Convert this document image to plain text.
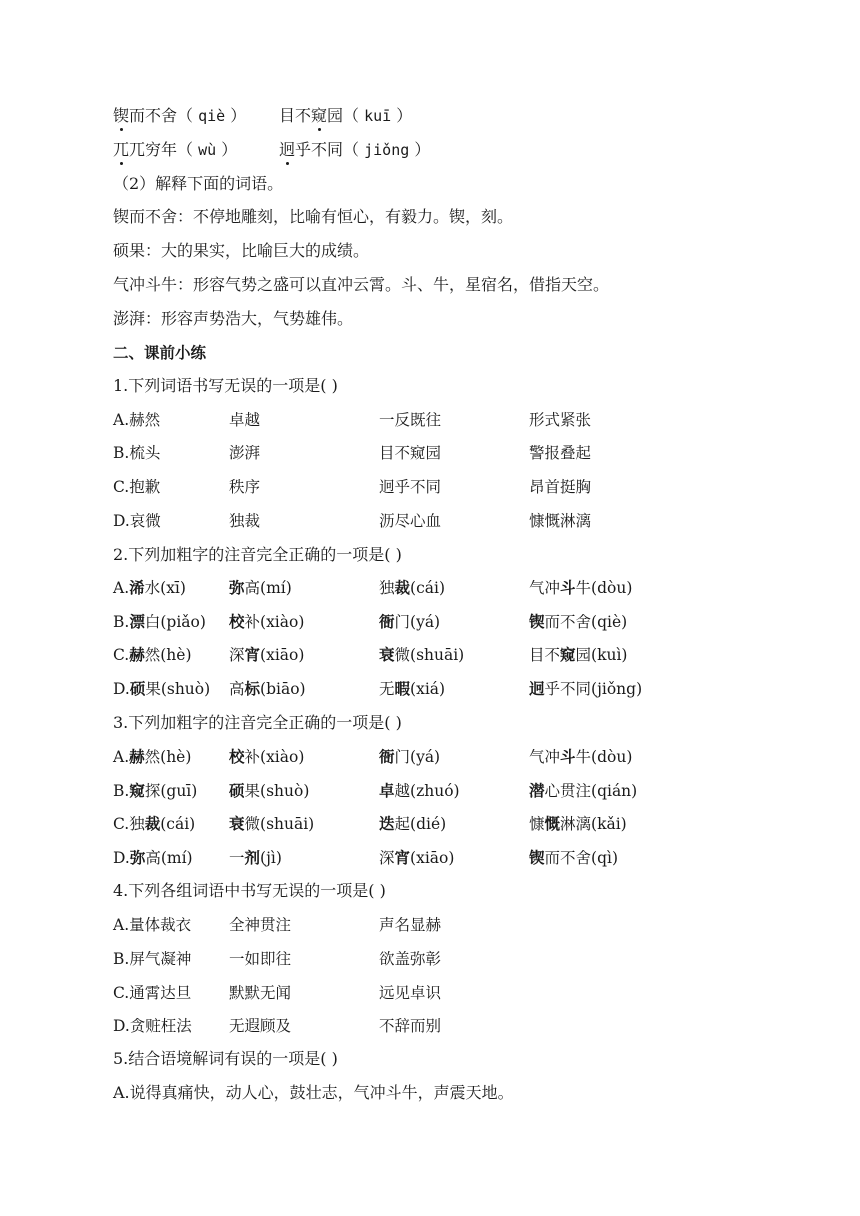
锲而不舍（ qiè ） 目不窥园（ kuī ）
兀兀穷年（ wù ）	迥乎不同（ jiǒng ）
（2）解释下面的词语。
锲而不舍：不停地雕刻，比喻有恒心，有毅力。锲，刻。
硕果：大的果实，比喻巨大的成绩。
气冲斗牛：形容气势之盛可以直冲云霄。斗、牛，星宿名，借指天空。
澎湃：形容声势浩大，气势雄伟。
二、课前小练
1.下列词语书写无误的一项是( )
A.赫然	卓越	一反既往	形式紧张
B.梳头	澎湃	目不窥园	警报叠起
C.抱歉	秩序	迥乎不同	昂首挺胸
D.哀微	独裁	沥尽心血	慷慨淋漓
2.下列加粗字的注音完全正确的一项是( )
A.浠水(xī)	弥高(mí)	独裁(cái)	气冲斗牛(dòu)
B.漂白(piǎo) 校补(xiào)	衙门(yá)	锲而不舍(qiè)
C.赫然(hè) 深宵(xiāo)	衰微(shuāi)	目不窥园(kuì)
D.硕果(shuò) 高标(biāo)	无暇(xiá)	迥乎不同(jiǒng)
3.下列加粗字的注音完全正确的一项是( )
A.赫然(hè) 校补(xiào)	衙门(yá)	气冲斗牛(dòu)
B.窥探(guī) 硕果(shuò)	卓越(zhuó)	潜心贯注(qián)
C.独裁(cái) 衰微(shuāi)	迭起(dié)	慷慨淋漓(kǎi)
D.弥高(mí) 一剂(jì)	深宵(xiāo)	锲而不舍(qì)
4.下列各组词语中书写无误的一项是( )
A.量体裁衣 全神贯注	声名显赫
B.屏气凝神 一如即往	欲盖弥彰
C.通霄达旦 默默无闻	远见卓识
D.贪赃枉法 无遐顾及	不辞而别
5.结合语境解词有误的一项是( )
A.说得真痛快，动人心，鼓壮志，气冲斗牛，声震天地。
